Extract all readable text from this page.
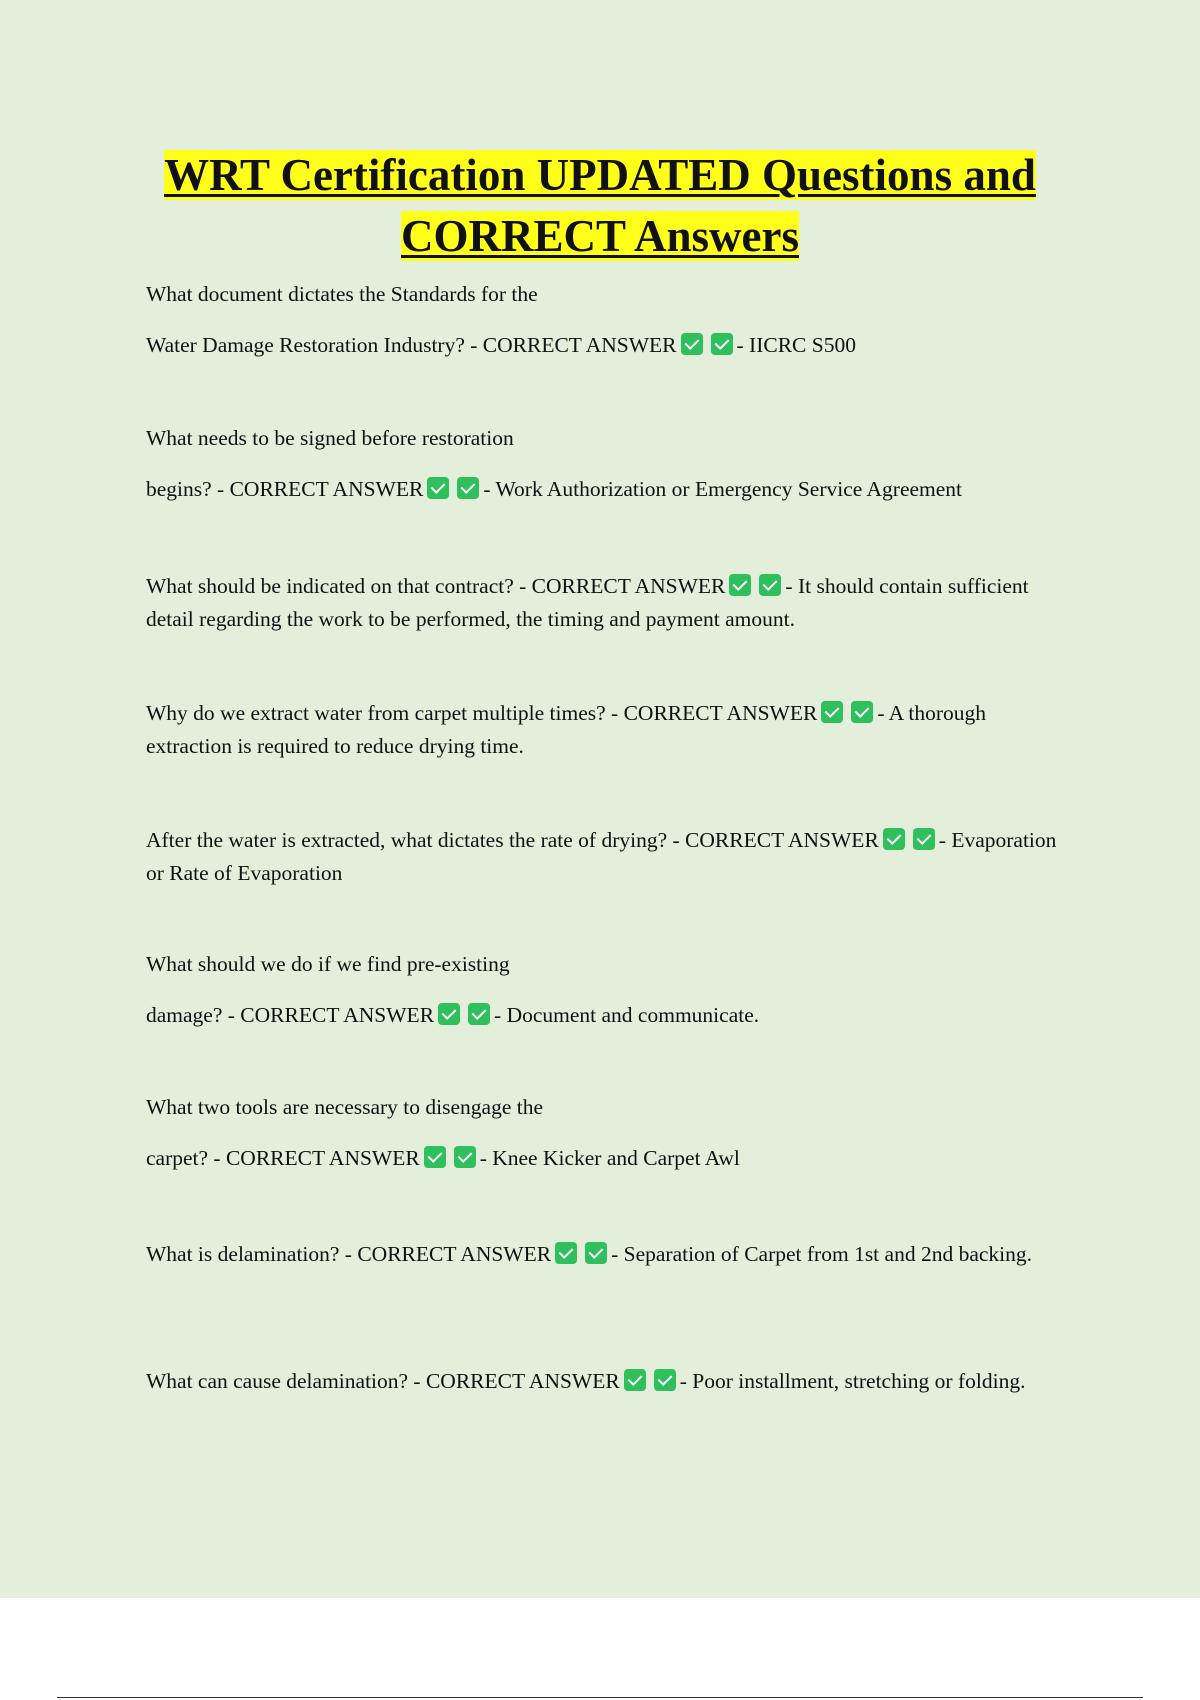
WRT Certification UPDATED Questions and
CORRECT Answers

What document dictates the Standards for the

Water Damage Restoration Industry? - CORRECT ANSWER	- IICRC S500

What needs to be signed before restoration

begins? - CORRECT ANSWER	- Work Authorization or Emergency Service Agreement

What should be indicated on that contract? - CORRECT ANSWER	- It should contain sufficient detail regarding the work to be performed, the timing and payment amount.

Why do we extract water from carpet multiple times? - CORRECT ANSWER	- A thorough extraction is required to reduce drying time.

After the water is extracted, what dictates the rate of drying? - CORRECT ANSWER	- Evaporation or Rate of Evaporation

What should we do if we find pre-existing

damage? - CORRECT ANSWER	- Document and communicate.

What two tools are necessary to disengage the

carpet? - CORRECT ANSWER	- Knee Kicker and Carpet Awl

What is delamination? - CORRECT ANSWER	- Separation of Carpet from 1st and 2nd backing.

What can cause delamination? - CORRECT ANSWER	- Poor installment, stretching or folding.
